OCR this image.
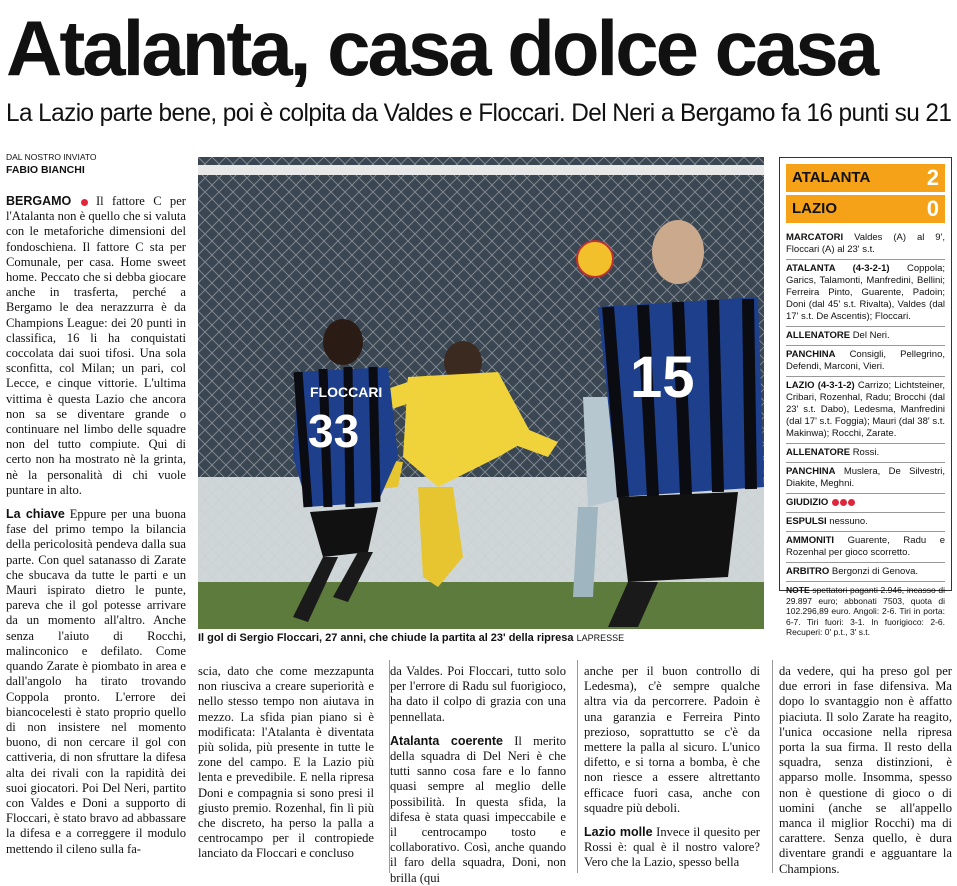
Atalanta, casa dolce casa
La Lazio parte bene, poi è colpita da Valdes e Floccari. Del Neri a Bergamo fa 16 punti su 21
DAL NOSTRO INVIATO
FABIO BIANCHI

BERGAMO Il fattore C per l'Atalanta non è quello che si valuta con le metaforiche dimensioni del fondoschiena. Il fattore C sta per Comunale, per casa. Home sweet home. Peccato che si debba giocare anche in trasferta, perché a Bergamo le dea nerazzurra è da Champions League: dei 20 punti in classifica, 16 li ha conquistati coccolata dai suoi tifosi. Una sola sconfitta, col Milan; un pari, col Lecce, e cinque vittorie. L'ultima vittima è questa Lazio che ancora non sa se diventare grande o continuare nel limbo delle squadre non del tutto compiute. Qui di certo non ha mostrato nè la grinta, nè la personalità di chi vuole puntare in alto.

La chiave Eppure per una buona fase del primo tempo la bilancia della pericolosità pendeva dalla sua parte. Con quel satanasso di Zarate che sbucava da tutte le parti e un Mauri ispirato dietro le punte, pareva che il gol potesse arrivare da un momento all'altro. Anche senza l'aiuto di Rocchi, malinconico e defilato. Come quando Zarate è piombato in area e dall'angolo ha tirato trovando Coppola pronto. L'errore dei biancocelesti è stato proprio quello di non insistere nel momento buono, di non cercare il gol con cattiveria, di non sfruttare la difesa alta dei rivali con la rapidità dei suoi giocatori. Poi Del Neri, partito con Valdes e Doni a supporto di Floccari, è stato bravo ad abbassare la difesa e a correggere il modulo mettendo il cileno sulla fa-

FLOCCARI
33
15
Il gol di Sergio Floccari, 27 anni, che chiude la partita al 23' della ripresa LAPRESSE
ATALANTA	2
LAZIO	0
MARCATORI Valdes (A) al 9', Floccari (A) al 23' s.t.
ATALANTA (4-3-2-1) Coppola; Garics, Talamonti, Manfredini, Bellini; Ferreira Pinto, Guarente, Padoin; Doni (dal 45' s.t. Rivalta), Valdes (dal 17' s.t. De Ascentis); Floccari.
ALLENATORE Del Neri.
PANCHINA Consigli, Pellegrino, Defendi, Marconi, Vieri.
LAZIO (4-3-1-2) Carrizo; Lichtsteiner, Cribari, Rozenhal, Radu; Brocchi (dal 23' s.t. Dabo), Ledesma, Manfredini (dal 17' s.t. Foggia); Mauri (dal 38' s.t. Makinwa); Rocchi, Zarate.
ALLENATORE Rossi.
PANCHINA Muslera, De Silvestri, Diakite, Meghni.
GIUDIZIO
ESPULSI nessuno.
AMMONITI Guarente, Radu e Rozenhal per gioco scorretto.
ARBITRO Bergonzi di Genova.
NOTE spettatori paganti 2.946, incasso di 29.897 euro; abbonati 7503, quota di 102.296,89 euro. Angoli: 2-6. Tiri in porta: 6-7. Tiri fuori: 3-1. In fuorigioco: 2-6. Recuperi: 0' p.t., 3' s.t.

scia, dato che come mezzapunta non riusciva a creare superiorità e nello stesso tempo non aiutava in mezzo. La sfida pian piano si è modificata: l'Atalanta è diventata più solida, più presente in tutte le zone del campo. E la Lazio più lenta e prevedibile. E nella ripresa Doni e compagnia si sono presi il giusto premio. Rozenhal, fin lì più che discreto, ha perso la palla a centrocampo per il contropiede lanciato da Floccari e concluso

da Valdes. Poi Floccari, tutto solo per l'errore di Radu sul fuorigioco, ha dato il colpo di grazia con una pennellata.

Atalanta coerente Il merito della squadra di Del Neri è che tutti sanno cosa fare e lo fanno quasi sempre al meglio delle possibilità. In questa sfida, la difesa è stata quasi impeccabile e il centrocampo tosto e collaborativo. Così, anche quando il faro della squadra, Doni, non brilla (qui

anche per il buon controllo di Ledesma), c'è sempre qualche altra via da percorrere. Padoin è una garanzia e Ferreira Pinto prezioso, soprattutto se c'è da mettere la palla al sicuro. L'unico difetto, e si torna a bomba, è che non riesce a essere altrettanto efficace fuori casa, anche con squadre più deboli.

Lazio molle Invece il quesito per Rossi è: qual è il nostro valore? Vero che la Lazio, spesso bella

da vedere, qui ha preso gol per due errori in fase difensiva. Ma dopo lo svantaggio non è affatto piaciuta. Il solo Zarate ha reagito, l'unica occasione nella ripresa porta la sua firma. Il resto della squadra, senza distinzioni, è apparso molle. Insomma, spesso non è questione di gioco o di uomini (anche se all'appello manca il miglior Rocchi) ma di carattere. Senza quello, è dura diventare grandi e agguantare la Champions.
